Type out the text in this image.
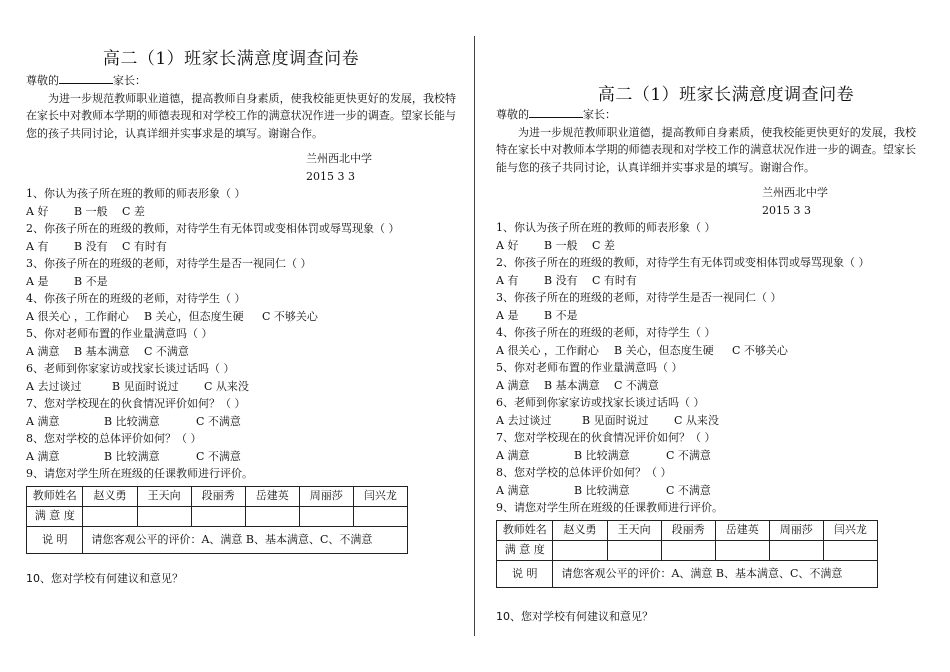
高二（1）班家长满意度调查问卷
尊敬的	家长：
为进一步规范教师职业道德，提高教师自身素质，使我校能更快更好的发展，我校特在家长中对教师本学期的师德表现和对学校工作的满意状况作进一步的调查。望家长能与您的孩子共同讨论，认真详细并实事求是的填写。谢谢合作。
兰州西北中学
2015 3 3
1、你认为孩子所在班的教师的师表形象（ ）
A 好 B 一般 C 差
2、你孩子所在的班级的教师，对待学生有无体罚或变相体罚或辱骂现象（ ）
A 有 B 没有 C 有时有
3、你孩子所在的班级的老师，对待学生是否一视同仁（ ）
A 是 B 不是
4、你孩子所在的班级的老师，对待学生（ ）
A 很关心 ，工作耐心 B 关心，但态度生硬 C 不够关心
5、你对老师布置的作业量满意吗（ ）
A 满意 B 基本满意 C 不满意
6、老师到你家家访或找家长谈过话吗（ ）
A 去过谈过	B 见面时说过 C 从来没
7、您对学校现在的伙食情况评价如何？（ ）
A 满意	B 比较满意	C 不满意
8、您对学校的总体评价如何？（ ）
A 满意	B 比较满意	C 不满意
9、请您对学生所在班级的任课教师进行评价。
教师姓名	赵义勇	王天向	段丽秀	岳建英	周丽莎	闫兴龙
满 意 度						
说 明	请您客观公平的评价：A、满意 B、基本满意、C、不满意					
10、您对学校有何建议和意见？
高二（1）班家长满意度调查问卷
尊敬的	家长：
为进一步规范教师职业道德，提高教师自身素质，使我校能更快更好的发展，我校特在家长中对教师本学期的师德表现和对学校工作的满意状况作进一步的调查。望家长能与您的孩子共同讨论，认真详细并实事求是的填写。谢谢合作。
兰州西北中学
2015 3 3
1、你认为孩子所在班的教师的师表形象（ ）
A 好 B 一般 C 差
2、你孩子所在的班级的教师，对待学生有无体罚或变相体罚或辱骂现象（ ）
A 有 B 没有 C 有时有
3、你孩子所在的班级的老师，对待学生是否一视同仁（ ）
A 是 B 不是
4、你孩子所在的班级的老师，对待学生（ ）
A 很关心 ，工作耐心 B 关心，但态度生硬 C 不够关心
5、你对老师布置的作业量满意吗（ ）
A 满意 B 基本满意 C 不满意
6、老师到你家家访或找家长谈过话吗（ ）
A 去过谈过	B 见面时说过 C 从来没
7、您对学校现在的伙食情况评价如何？（ ）
A 满意	B 比较满意	C 不满意
8、您对学校的总体评价如何？（ ）
A 满意	B 比较满意	C 不满意
9、请您对学生所在班级的任课教师进行评价。
教师姓名	赵义勇	王天向	段丽秀	岳建英	周丽莎	闫兴龙
满 意 度						
说 明	请您客观公平的评价：A、满意 B、基本满意、C、不满意					
10、您对学校有何建议和意见？
